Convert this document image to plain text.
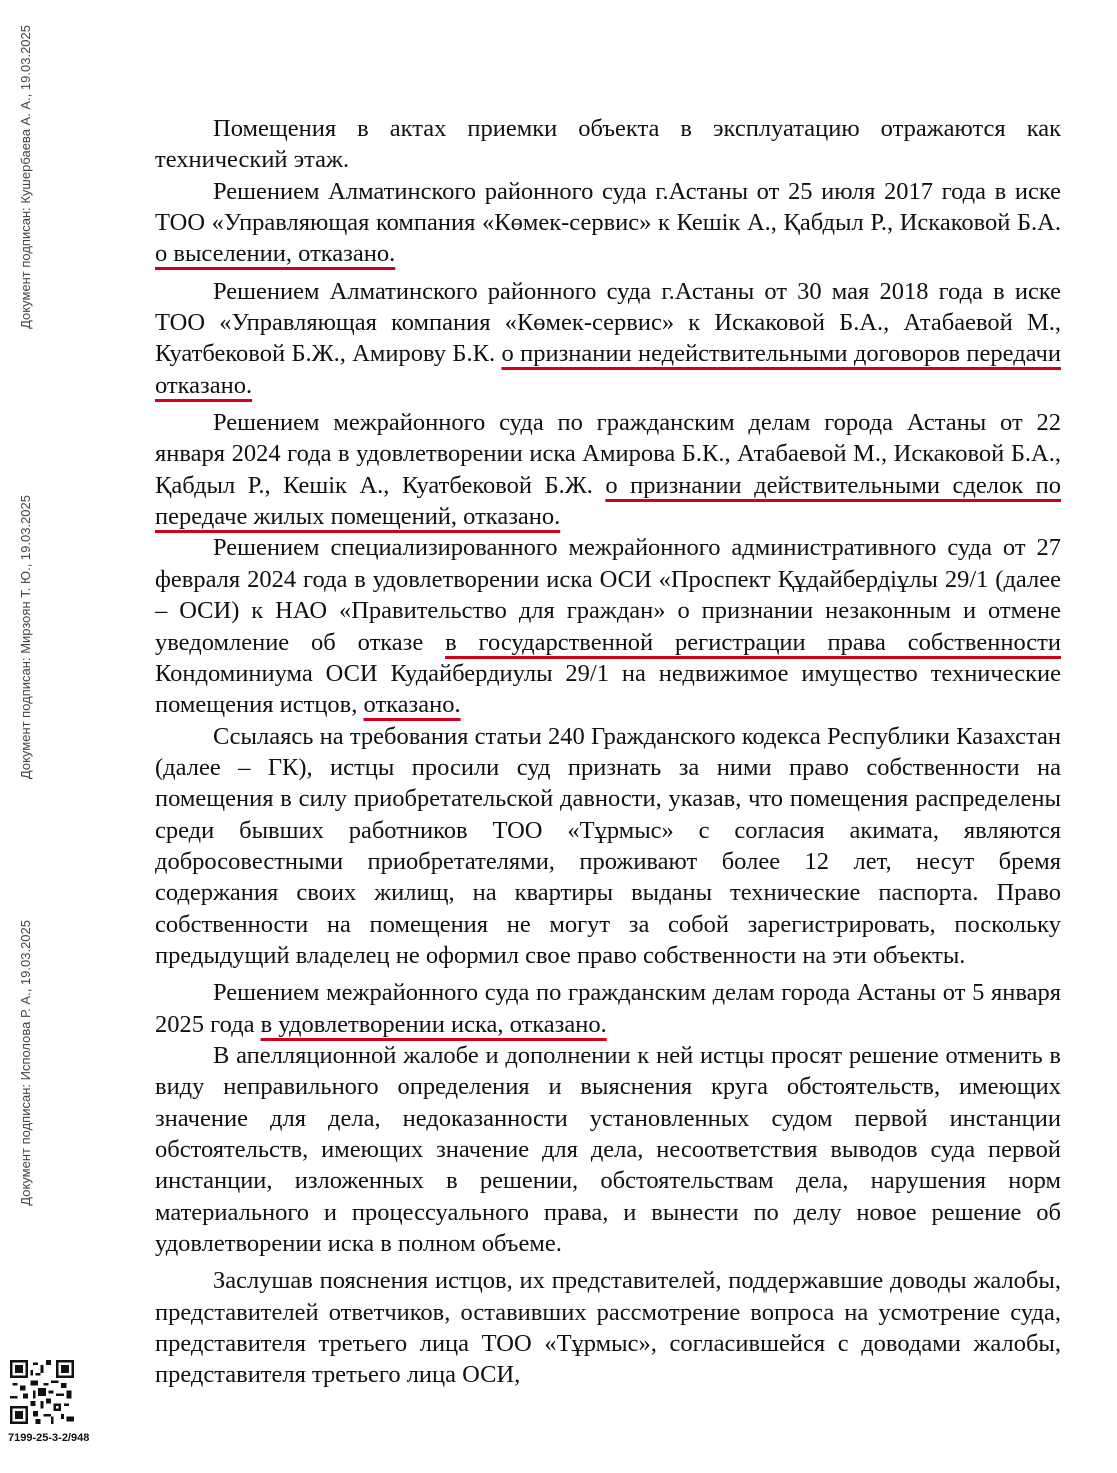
Документ подписан: Кушербаева А. А., 19.03.2025
Документ подписан: Мирзоян Т. Ю., 19.03.2025
Документ подписан: Исполова Р. А., 19.03.2025
7199-25-3-2/948

Помещения в актах приемки объекта в эксплуатацию отражаются как технический этаж.

Решением Алматинского районного суда г.Астаны от 25 июля 2017 года в иске ТОО «Управляющая компания «Көмек-сервис» к Кешік А., Қабдыл Р., Искаковой Б.А. о выселении, отказано.

Решением Алматинского районного суда г.Астаны от 30 мая 2018 года в иске ТОО «Управляющая компания «Көмек-сервис» к Искаковой Б.А., Атабаевой М., Куатбековой Б.Ж., Амирову Б.К. о признании недействительными договоров передачи отказано.

Решением межрайонного суда по гражданским делам города Астаны от 22 января 2024 года в удовлетворении иска Амирова Б.К., Атабаевой М., Искаковой Б.А., Қабдыл Р., Кешік А., Куатбековой Б.Ж. о признании действительными сделок по передаче жилых помещений, отказано.

Решением специализированного межрайонного административного суда от 27 февраля 2024 года в удовлетворении иска ОСИ «Проспект Құдайбердіұлы 29/1 (далее – ОСИ) к НАО «Правительство для граждан» о признании незаконным и отмене уведомление об отказе в государственной регистрации права собственности Кондоминиума ОСИ Кудайбердиулы 29/1 на недвижимое имущество технические помещения истцов, отказано.

Ссылаясь на требования статьи 240 Гражданского кодекса Республики Казахстан (далее – ГК), истцы просили суд признать за ними право собственности на помещения в силу приобретательской давности, указав, что помещения распределены среди бывших работников ТОО «Тұрмыс» с согласия акимата, являются добросовестными приобретателями, проживают более 12 лет, несут бремя содержания своих жилищ, на квартиры выданы технические паспорта. Право собственности на помещения не могут за собой зарегистрировать, поскольку предыдущий владелец не оформил свое право собственности на эти объекты.

Решением межрайонного суда по гражданским делам города Астаны от 5 января 2025 года в удовлетворении иска, отказано.

В апелляционной жалобе и дополнении к ней истцы просят решение отменить в виду неправильного определения и выяснения круга обстоятельств, имеющих значение для дела, недоказанности установленных судом первой инстанции обстоятельств, имеющих значение для дела, несоответствия выводов суда первой инстанции, изложенных в решении, обстоятельствам дела, нарушения норм материального и процессуального права, и вынести по делу новое решение об удовлетворении иска в полном объеме.

Заслушав пояснения истцов, их представителей, поддержавшие доводы жалобы, представителей ответчиков, оставивших рассмотрение вопроса на усмотрение суда, представителя третьего лица ТОО «Тұрмыс», согласившейся с доводами жалобы, представителя третьего лица ОСИ,
